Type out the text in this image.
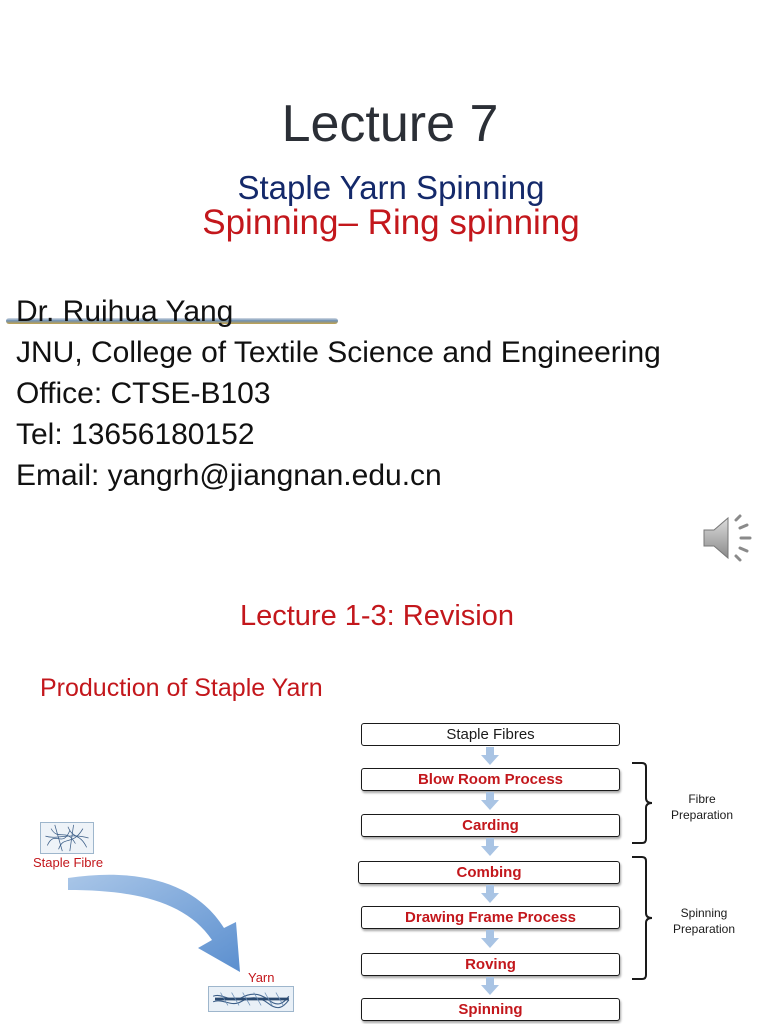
Lecture 7
Staple Yarn Spinning
Spinning– Ring spinning
Dr. Ruihua Yang
JNU, College of Textile Science and Engineering
Office: CTSE-B103
Tel: 13656180152
Email: yangrh@jiangnan.edu.cn
Lecture 1-3: Revision
Production of Staple Yarn
Staple Fibres
Blow Room Process
Carding
Combing
Drawing Frame Process
Roving
Spinning
Fibre
Preparation
Spinning
Preparation
Staple Fibre
Yarn
